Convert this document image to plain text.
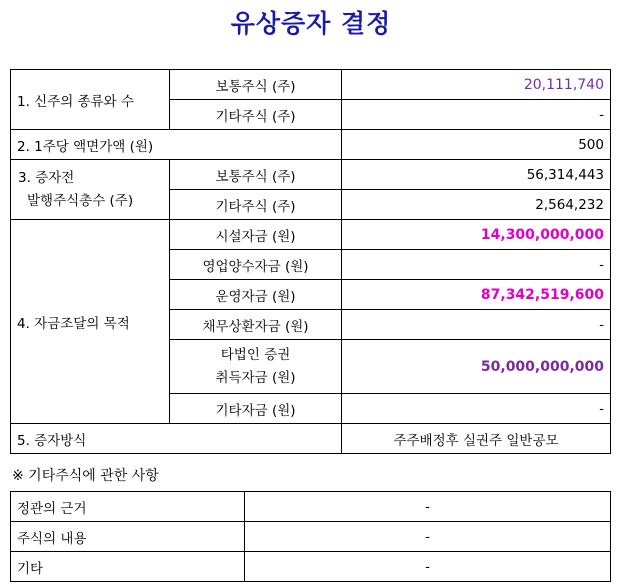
유상증자 결정
1. 신주의 종류와 수	보통주식 (주)	20,111,740
	기타주식 (주)	-
2. 1주당 액면가액 (원)		500

3. 증자전
발행주식총수 (주)	보통주식 (주)	56,314,443
	기타주식 (주)	2,564,232
4. 자금조달의 목적	시설자금 (원)	14,300,000,000
	영업양수자금 (원)	-
	운영자금 (원)	87,342,519,600
	채무상환자금 (원)	-

	타법인 증권
취득자금 (원)	50,000,000,000
	기타자금 (원)	-
5. 증자방식		주주배정후 실권주 일반공모
※ 기타주식에 관한 사항
정관의 근거	-
주식의 내용	-
기타	-
